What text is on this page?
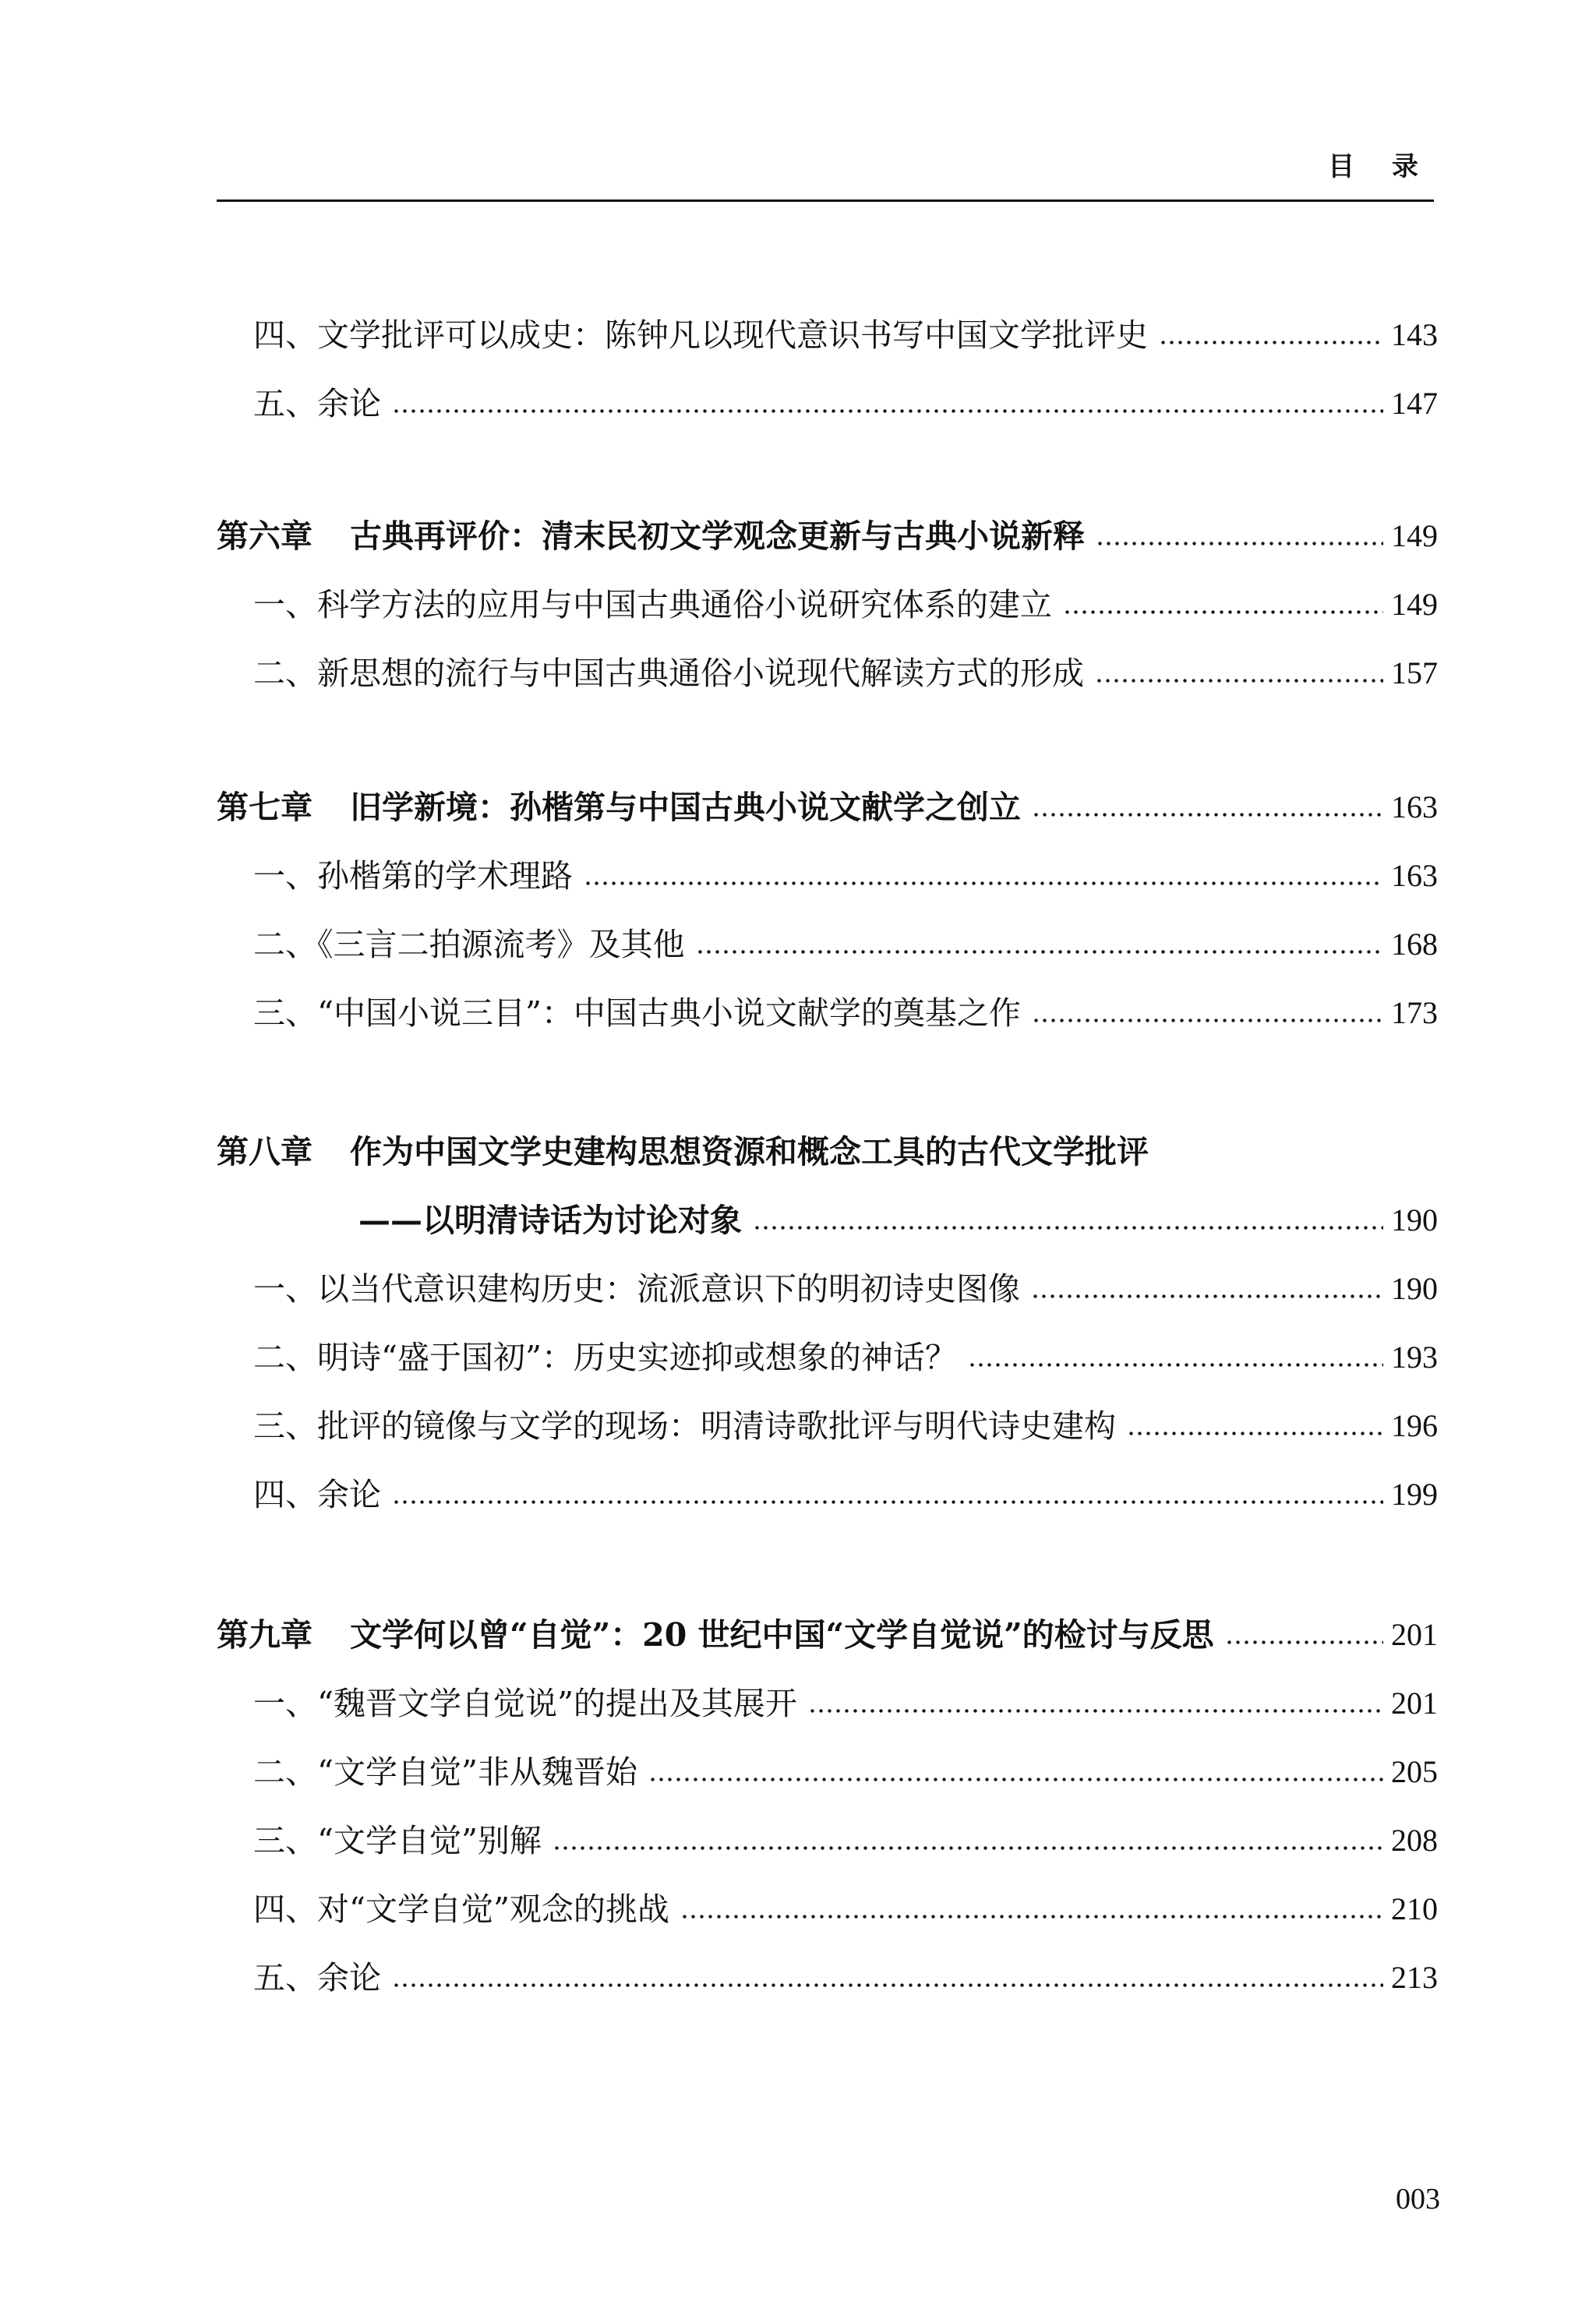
目 录
四、文学批评可以成史：陈钟凡以现代意识书写中国文学批评史	143
五、余论	147
第六章 古典再评价：清末民初文学观念更新与古典小说新释	149
一、科学方法的应用与中国古典通俗小说研究体系的建立	149
二、新思想的流行与中国古典通俗小说现代解读方式的形成	157
第七章 旧学新境：孙楷第与中国古典小说文献学之创立	163
一、孙楷第的学术理路	163
二、《三言二拍源流考》及其他	168
三、“中国小说三目”：中国古典小说文献学的奠基之作	173
第八章 作为中国文学史建构思想资源和概念工具的古代文学批评
——以明清诗话为讨论对象	190
一、以当代意识建构历史：流派意识下的明初诗史图像	190
二、明诗“盛于国初”：历史实迹抑或想象的神话？	193
三、批评的镜像与文学的现场：明清诗歌批评与明代诗史建构	196
四、余论	199
第九章 文学何以曾“自觉”：20 世纪中国“文学自觉说”的检讨与反思	201
一、“魏晋文学自觉说”的提出及其展开	201
二、“文学自觉”非从魏晋始	205
三、“文学自觉”别解	208
四、对“文学自觉”观念的挑战	210
五、余论	213
003
